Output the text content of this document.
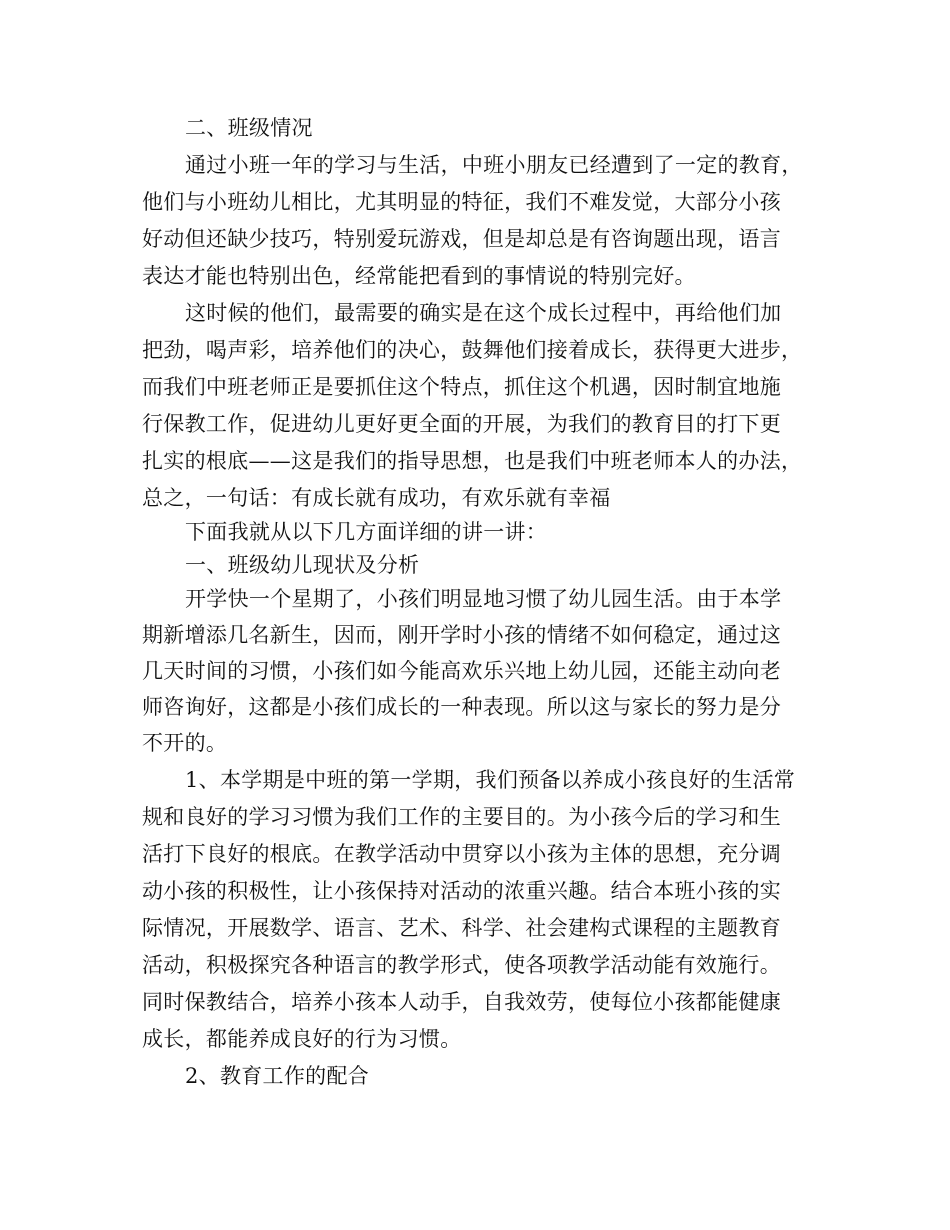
二、班级情况
通过小班一年的学习与生活，中班小朋友已经遭到了一定的教育，
他们与小班幼儿相比，尤其明显的特征，我们不难发觉，大部分小孩
好动但还缺少技巧，特别爱玩游戏，但是却总是有咨询题出现，语言
表达才能也特别出色，经常能把看到的事情说的特别完好。
这时候的他们，最需要的确实是在这个成长过程中，再给他们加
把劲，喝声彩，培养他们的决心，鼓舞他们接着成长，获得更大进步，
而我们中班老师正是要抓住这个特点，抓住这个机遇，因时制宜地施
行保教工作，促进幼儿更好更全面的开展，为我们的教育目的打下更
扎实的根底——这是我们的指导思想，也是我们中班老师本人的办法，
总之，一句话：有成长就有成功，有欢乐就有幸福
下面我就从以下几方面详细的讲一讲：
一、班级幼儿现状及分析
开学快一个星期了，小孩们明显地习惯了幼儿园生活。由于本学
期新增添几名新生，因而，刚开学时小孩的情绪不如何稳定，通过这
几天时间的习惯，小孩们如今能高欢乐兴地上幼儿园，还能主动向老
师咨询好，这都是小孩们成长的一种表现。所以这与家长的努力是分
不开的。
1、本学期是中班的第一学期，我们预备以养成小孩良好的生活常
规和良好的学习习惯为我们工作的主要目的。为小孩今后的学习和生
活打下良好的根底。在教学活动中贯穿以小孩为主体的思想，充分调
动小孩的积极性，让小孩保持对活动的浓重兴趣。结合本班小孩的实
际情况，开展数学、语言、艺术、科学、社会建构式课程的主题教育
活动，积极探究各种语言的教学形式，使各项教学活动能有效施行。
同时保教结合，培养小孩本人动手，自我效劳，使每位小孩都能健康
成长，都能养成良好的行为习惯。
2、教育工作的配合
